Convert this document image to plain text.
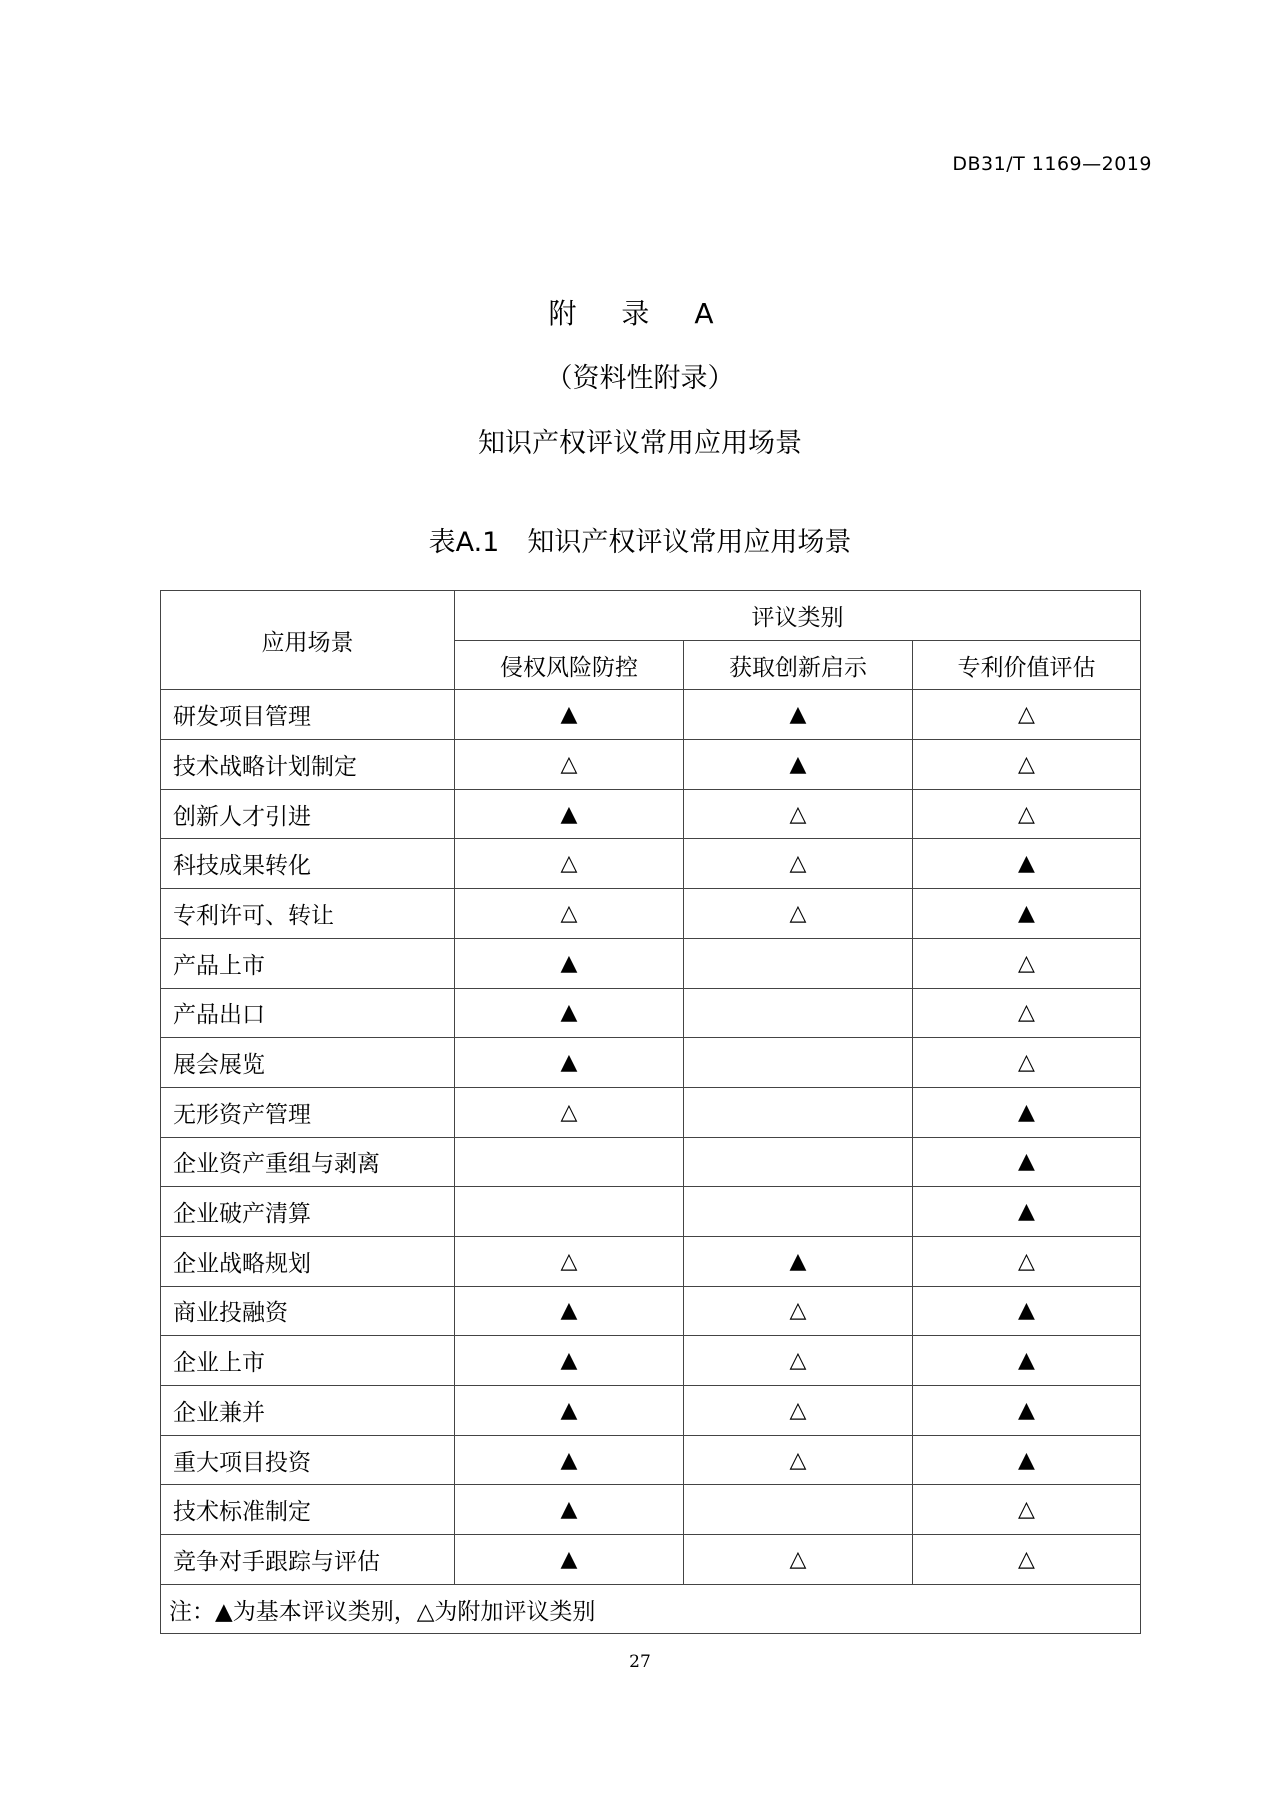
DB31/T 1169—2019
附 录 A
（资料性附录）
知识产权评议常用应用场景
表A.1 知识产权评议常用应用场景
应用场景	评议类别		
	侵权风险防控	获取创新启示	专利价值评估
研发项目管理	▲	▲	△
技术战略计划制定	△	▲	△
创新人才引进	▲	△	△
科技成果转化	△	△	▲
专利许可、转让	△	△	▲
产品上市	▲		△
产品出口	▲		△
展会展览	▲		△
无形资产管理	△		▲
企业资产重组与剥离			▲
企业破产清算			▲
企业战略规划	△	▲	△
商业投融资	▲	△	▲
企业上市	▲	△	▲
企业兼并	▲	△	▲
重大项目投资	▲	△	▲
技术标准制定	▲		△
竞争对手跟踪与评估	▲	△	△
注：▲为基本评议类别，△为附加评议类别			
27
